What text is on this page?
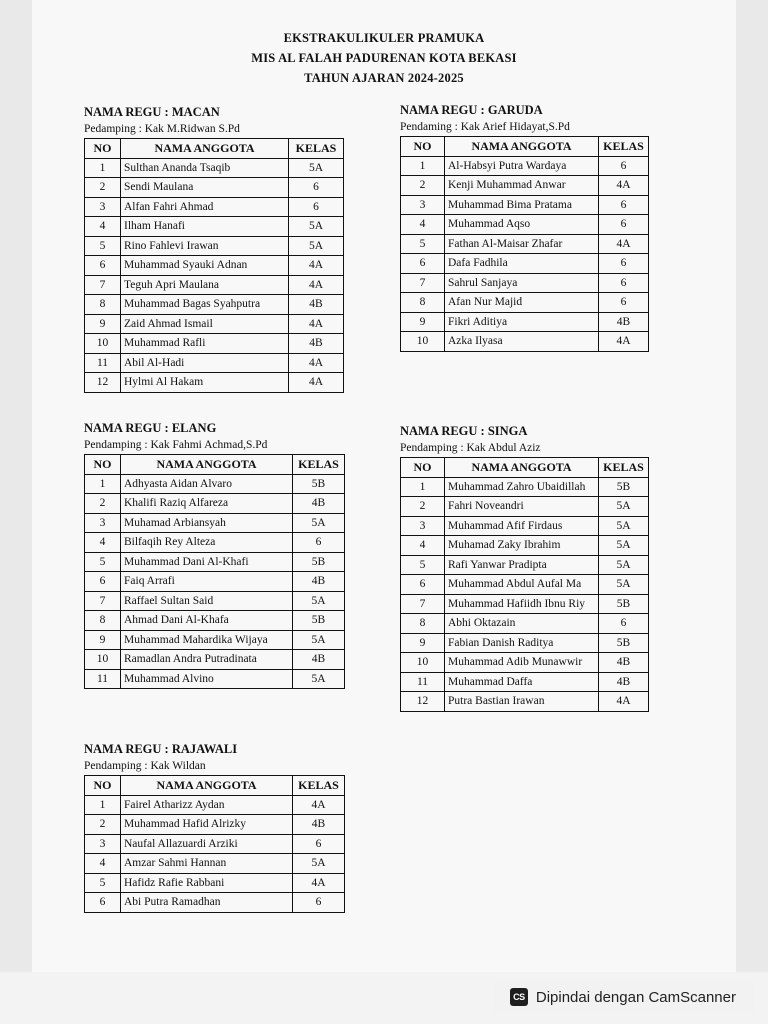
EKSTRAKULIKULER PRAMUKA
MIS AL FALAH PADURENAN KOTA BEKASI
TAHUN AJARAN 2024-2025
NAMA REGU : MACAN
Pedamping : Kak M.Ridwan S.Pd
NO	NAMA ANGGOTA	KELAS
1	Sulthan Ananda Tsaqib	5A
2	Sendi Maulana	6
3	Alfan Fahri Ahmad	6
4	Ilham Hanafi	5A
5	Rino Fahlevi Irawan	5A
6	Muhammad Syauki Adnan	4A
7	Teguh Apri Maulana	4A
8	Muhammad Bagas Syahputra	4B
9	Zaid Ahmad Ismail	4A
10	Muhammad Rafli	4B
11	Abil Al-Hadi	4A
12	Hylmi Al Hakam	4A
NAMA REGU : GARUDA
Pendaming : Kak Arief Hidayat,S.Pd
NO	NAMA ANGGOTA	KELAS
1	Al-Habsyi Putra Wardaya	6
2	Kenji Muhammad Anwar	4A
3	Muhammad Bima Pratama	6
4	Muhammad Aqso	6
5	Fathan Al-Maisar Zhafar	4A
6	Dafa Fadhila	6
7	Sahrul Sanjaya	6
8	Afan Nur Majid	6
9	Fikri Aditiya	4B
10	Azka Ilyasa	4A
NAMA REGU : ELANG
Pendamping : Kak Fahmi Achmad,S.Pd
NO	NAMA ANGGOTA	KELAS
1	Adhyasta Aidan Alvaro	5B
2	Khalifi Raziq Alfareza	4B
3	Muhamad Arbiansyah	5A
4	Bilfaqih Rey Alteza	6
5	Muhammad Dani Al-Khafi	5B
6	Faiq Arrafi	4B
7	Raffael Sultan Said	5A
8	Ahmad Dani Al-Khafa	5B
9	Muhammad Mahardika Wijaya	5A
10	Ramadlan Andra Putradinata	4B
11	Muhammad Alvino	5A
NAMA REGU : SINGA
Pendamping : Kak Abdul Aziz
NO	NAMA ANGGOTA	KELAS
1	Muhammad Zahro Ubaidillah	5B
2	Fahri Noveandri	5A
3	Muhammad Afif Firdaus	5A
4	Muhamad Zaky Ibrahim	5A
5	Rafi Yanwar Pradipta	5A
6	Muhammad Abdul Aufal Ma	5A
7	Muhammad Hafiidh Ibnu Riy	5B
8	Abhi Oktazain	6
9	Fabian Danish Raditya	5B
10	Muhammad Adib Munawwir	4B
11	Muhammad Daffa	4B
12	Putra Bastian Irawan	4A
NAMA REGU : RAJAWALI
Pendamping : Kak Wildan
NO	NAMA ANGGOTA	KELAS
1	Fairel Atharizz Aydan	4A
2	Muhammad Hafid Alrizky	4B
3	Naufal Allazuardi Arziki	6
4	Amzar Sahmi Hannan	5A
5	Hafidz Rafie Rabbani	4A
6	Abi Putra Ramadhan	6
CS Dipindai dengan CamScanner
